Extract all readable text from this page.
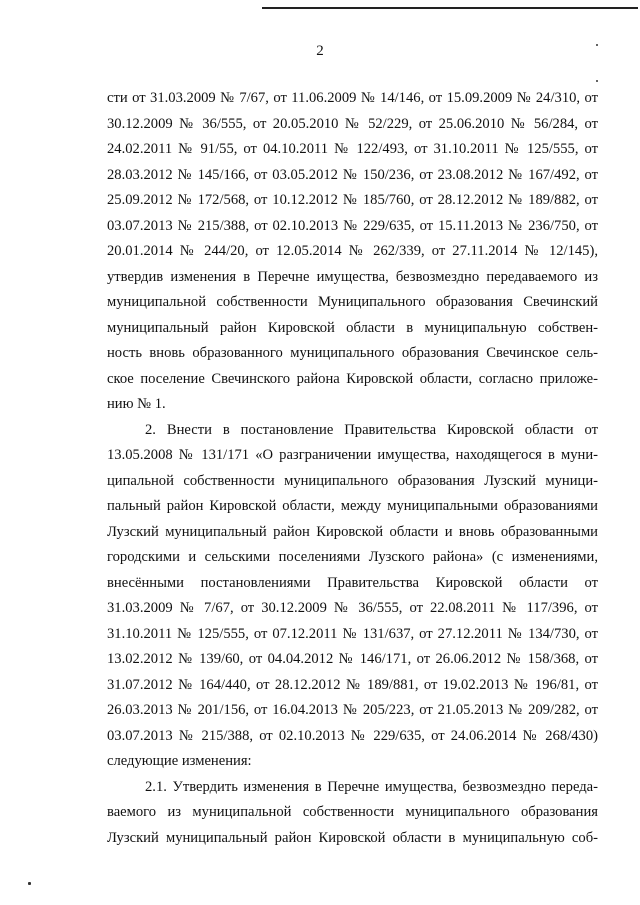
2
сти от 31.03.2009 № 7/67, от 11.06.2009 № 14/146, от 15.09.2009 № 24/310, от
30.12.2009 № 36/555, от 20.05.2010 № 52/229, от 25.06.2010 № 56/284, от
24.02.2011 № 91/55, от 04.10.2011 № 122/493, от 31.10.2011 № 125/555, от
28.03.2012 № 145/166, от 03.05.2012 № 150/236, от 23.08.2012 № 167/492, от
25.09.2012 № 172/568, от 10.12.2012 № 185/760, от 28.12.2012 № 189/882, от
03.07.2013 № 215/388, от 02.10.2013 № 229/635, от 15.11.2013 № 236/750, от
20.01.2014 № 244/20, от 12.05.2014 № 262/339, от 27.11.2014 № 12/145),
утвердив изменения в Перечне имущества, безвозмездно передаваемого из
муниципальной собственности Муниципального образования Свечинский
муниципальный район Кировской области в муниципальную собствен-
ность вновь образованного муниципального образования Свечинское сель-
ское поселение Свечинского района Кировской области, согласно приложе-
нию № 1.
2. Внести в постановление Правительства Кировской области от
13.05.2008 № 131/171 «О разграничении имущества, находящегося в муни-
ципальной собственности муниципального образования Лузский муници-
пальный район Кировской области, между муниципальными образованиями
Лузский муниципальный район Кировской области и вновь образованными
городскими и сельскими поселениями Лузского района» (с изменениями,
внесёнными постановлениями Правительства Кировской области от
31.03.2009 № 7/67, от 30.12.2009 № 36/555, от 22.08.2011 № 117/396, от
31.10.2011 № 125/555, от 07.12.2011 № 131/637, от 27.12.2011 № 134/730, от
13.02.2012 № 139/60, от 04.04.2012 № 146/171, от 26.06.2012 № 158/368, от
31.07.2012 № 164/440, от 28.12.2012 № 189/881, от 19.02.2013 № 196/81, от
26.03.2013 № 201/156, от 16.04.2013 № 205/223, от 21.05.2013 № 209/282, от
03.07.2013 № 215/388, от 02.10.2013 № 229/635, от 24.06.2014 № 268/430)
следующие изменения:
2.1. Утвердить изменения в Перечне имущества, безвозмездно переда-
ваемого из муниципальной собственности муниципального образования
Лузский муниципальный район Кировской области в муниципальную соб-
